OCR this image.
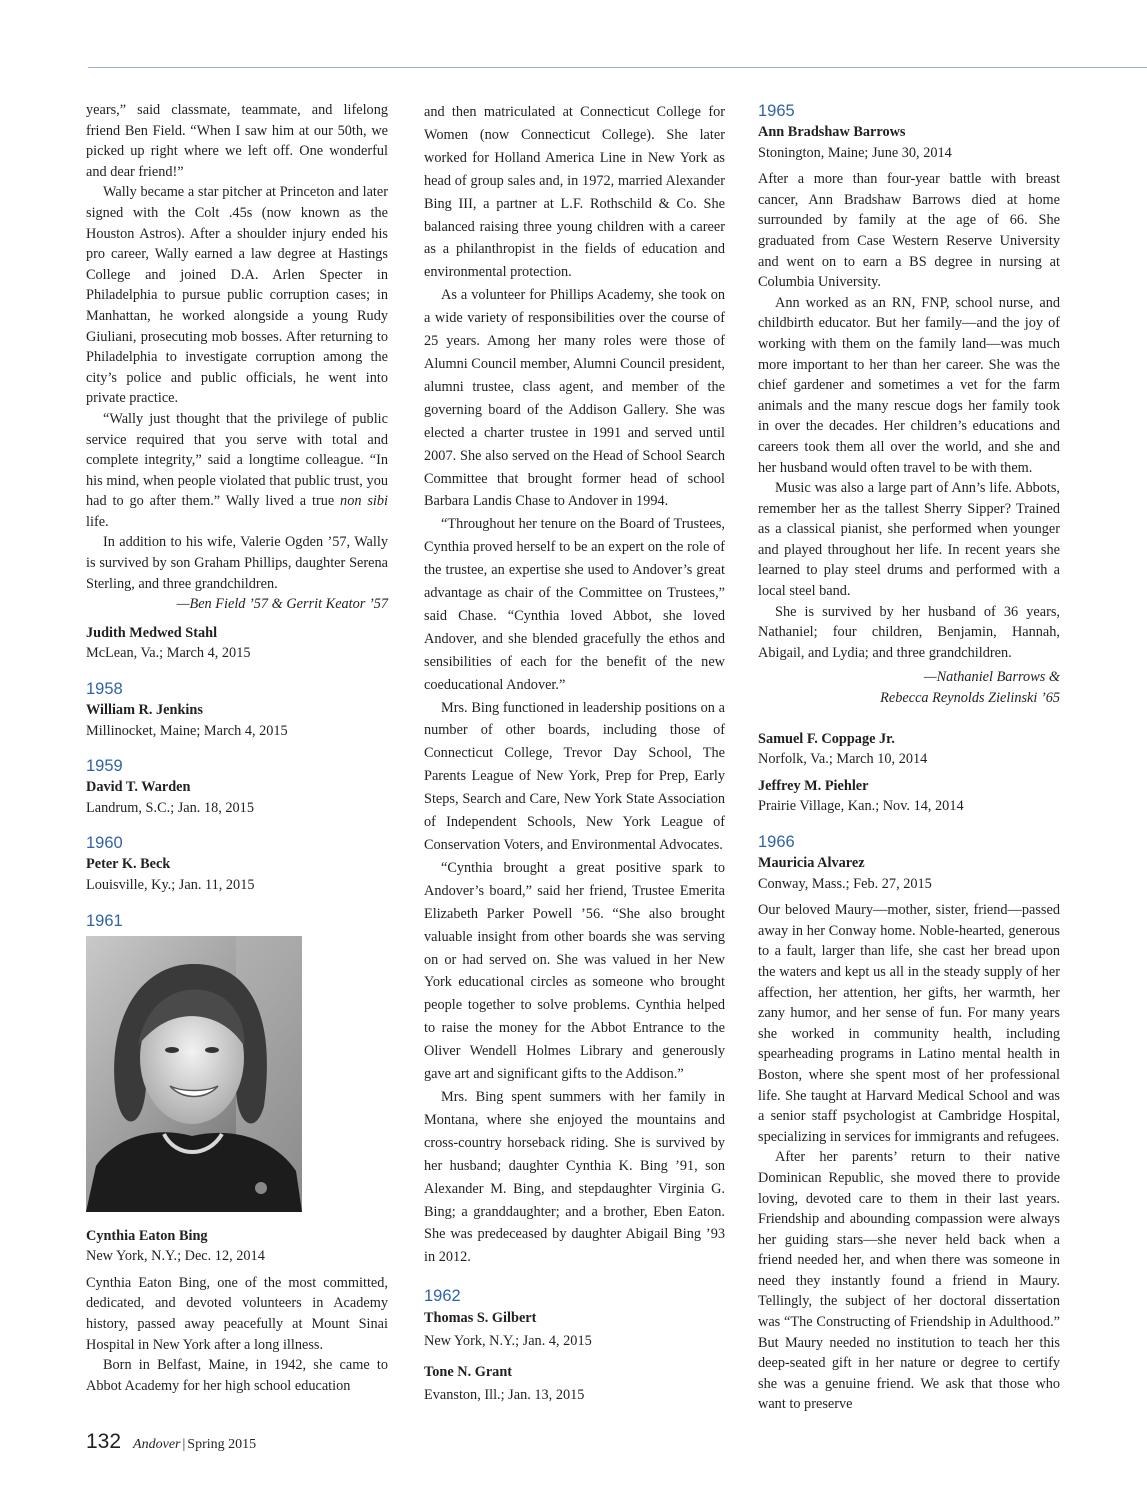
years,” said classmate, teammate, and lifelong friend Ben Field. “When I saw him at our 50th, we picked up right where we left off. One wonderful and dear friend!”

Wally became a star pitcher at Princeton and later signed with the Colt .45s (now known as the Houston Astros). After a shoulder injury ended his pro career, Wally earned a law degree at Hastings College and joined D.A. Arlen Specter in Philadelphia to pursue public corruption cases; in Manhattan, he worked alongside a young Rudy Giuliani, prosecuting mob bosses. After returning to Philadelphia to investigate corruption among the city’s police and public officials, he went into private practice.

“Wally just thought that the privilege of public service required that you serve with total and complete integrity,” said a longtime colleague. “In his mind, when people violated that public trust, you had to go after them.” Wally lived a true non sibi life.

In addition to his wife, Valerie Ogden ’57, Wally is survived by son Graham Phillips, daughter Serena Sterling, and three grandchildren.

—Ben Field ’57 & Gerrit Keator ’57

Judith Medwed Stahl

McLean, Va.; March 4, 2015

1958

William R. Jenkins

Millinocket, Maine; March 4, 2015

1959

David T. Warden

Landrum, S.C.; Jan. 18, 2015

1960

Peter K. Beck

Louisville, Ky.; Jan. 11, 2015

1961

Cynthia Eaton Bing

New York, N.Y.; Dec. 12, 2014

Cynthia Eaton Bing, one of the most committed, dedicated, and devoted volunteers in Academy history, passed away peacefully at Mount Sinai Hospital in New York after a long illness.

Born in Belfast, Maine, in 1942, she came to Abbot Academy for her high school education

and then matriculated at Connecticut College for Women (now Connecticut College). She later worked for Holland America Line in New York as head of group sales and, in 1972, married Alexander Bing III, a partner at L.F. Rothschild & Co. She balanced raising three young children with a career as a philanthropist in the fields of education and environmental protection.

As a volunteer for Phillips Academy, she took on a wide variety of responsibilities over the course of 25 years. Among her many roles were those of Alumni Council member, Alumni Council president, alumni trustee, class agent, and member of the governing board of the Addison Gallery. She was elected a charter trustee in 1991 and served until 2007. She also served on the Head of School Search Committee that brought former head of school Barbara Landis Chase to Andover in 1994.

“Throughout her tenure on the Board of Trustees, Cynthia proved herself to be an expert on the role of the trustee, an expertise she used to Andover’s great advantage as chair of the Committee on Trustees,” said Chase. “Cynthia loved Abbot, she loved Andover, and she blended gracefully the ethos and sensibilities of each for the benefit of the new coeducational Andover.”

Mrs. Bing functioned in leadership positions on a number of other boards, including those of Connecticut College, Trevor Day School, The Parents League of New York, Prep for Prep, Early Steps, Search and Care, New York State Association of Independent Schools, New York League of Conservation Voters, and Environmental Advocates.

“Cynthia brought a great positive spark to Andover’s board,” said her friend, Trustee Emerita Elizabeth Parker Powell ’56. “She also brought valuable insight from other boards she was serving on or had served on. She was valued in her New York educational circles as someone who brought people together to solve problems. Cynthia helped to raise the money for the Abbot Entrance to the Oliver Wendell Holmes Library and generously gave art and significant gifts to the Addison.”

Mrs. Bing spent summers with her family in Montana, where she enjoyed the mountains and cross-country horseback riding. She is survived by her husband; daughter Cynthia K. Bing ’91, son Alexander M. Bing, and stepdaughter Virginia G. Bing; a granddaughter; and a brother, Eben Eaton. She was predeceased by daughter Abigail Bing ’93 in 2012.

1962

Thomas S. Gilbert

New York, N.Y.; Jan. 4, 2015

Tone N. Grant

Evanston, Ill.; Jan. 13, 2015

1965

Ann Bradshaw Barrows

Stonington, Maine; June 30, 2014

After a more than four-year battle with breast cancer, Ann Bradshaw Barrows died at home surrounded by family at the age of 66. She graduated from Case Western Reserve University and went on to earn a BS degree in nursing at Columbia University.

Ann worked as an RN, FNP, school nurse, and childbirth educator. But her family—and the joy of working with them on the family land—was much more important to her than her career. She was the chief gardener and sometimes a vet for the farm animals and the many rescue dogs her family took in over the decades. Her children’s educations and careers took them all over the world, and she and her husband would often travel to be with them.

Music was also a large part of Ann’s life. Abbots, remember her as the tallest Sherry Sipper? Trained as a classical pianist, she performed when younger and played throughout her life. In recent years she learned to play steel drums and performed with a local steel band.

She is survived by her husband of 36 years, Nathaniel; four children, Benjamin, Hannah, Abigail, and Lydia; and three grandchildren.

—Nathaniel Barrows &

Rebecca Reynolds Zielinski ’65

Samuel F. Coppage Jr.

Norfolk, Va.; March 10, 2014

Jeffrey M. Piehler

Prairie Village, Kan.; Nov. 14, 2014

1966

Mauricia Alvarez

Conway, Mass.; Feb. 27, 2015

Our beloved Maury—mother, sister, friend—passed away in her Conway home. Noble-hearted, generous to a fault, larger than life, she cast her bread upon the waters and kept us all in the steady supply of her affection, her attention, her gifts, her warmth, her zany humor, and her sense of fun. For many years she worked in community health, including spearheading programs in Latino mental health in Boston, where she spent most of her professional life. She taught at Harvard Medical School and was a senior staff psychologist at Cambridge Hospital, specializing in services for immigrants and refugees.

After her parents’ return to their native Dominican Republic, she moved there to provide loving, devoted care to them in their last years. Friendship and abounding compassion were always her guiding stars—she never held back when a friend needed her, and when there was someone in need they instantly found a friend in Maury. Tellingly, the subject of her doctoral dissertation was “The Constructing of Friendship in Adulthood.” But Maury needed no institution to teach her this deep-seated gift in her nature or degree to certify she was a genuine friend. We ask that those who want to preserve

132 Andover | Spring 2015
